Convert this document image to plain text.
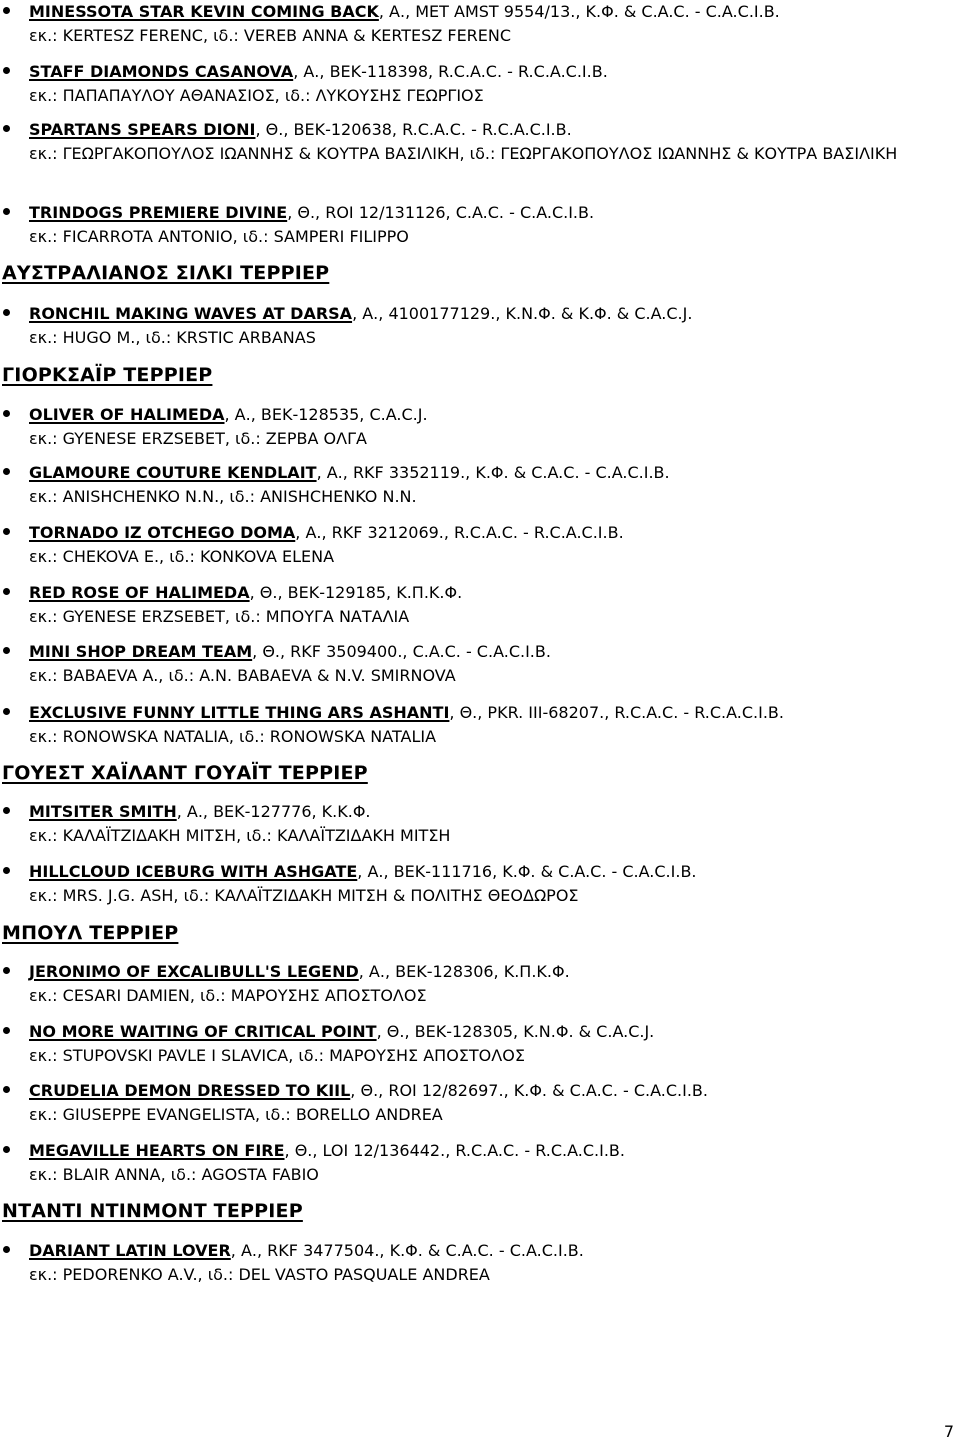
MINESSOTA STAR KEVIN COMING BACK, Α., MET AMST 9554/13., Κ.Φ. & C.A.C. - C.A.C.I.B.
εκ.: KERTESZ FERENC, ιδ.: VEREB ANNA & KERTESZ FERENC
STAFF DIAMONDS CASANOVA, Α., ΒΕΚ-118398, R.C.A.C. - R.C.A.C.I.B.
εκ.: ΠΑΠΑΠΑΥΛΟΥ ΑΘΑΝΑΣΙΟΣ, ιδ.: ΛΥΚΟΥΣΗΣ ΓΕΩΡΓΙΟΣ
SPARTANS SPEARS DIONI, Θ., ΒΕΚ-120638, R.C.A.C. - R.C.A.C.I.B.
εκ.: ΓΕΩΡΓΑΚΟΠΟΥΛΟΣ ΙΩΑΝΝΗΣ & ΚΟΥΤΡΑ ΒΑΣΙΛΙΚΗ, ιδ.: ΓΕΩΡΓΑΚΟΠΟΥΛΟΣ ΙΩΑΝΝΗΣ & ΚΟΥΤΡΑ ΒΑΣΙΛΙΚΗ
TRINDOGS PREMIERE DIVINE, Θ., ROI 12/131126, C.A.C. - C.A.C.I.B.
εκ.: FICARROTA ANTONIO, ιδ.: SAMPERI FILIPPO
ΑΥΣΤΡΑΛΙΑΝΟΣ ΣΙΛΚΙ ΤΕΡΡΙΕΡ
RONCHIL MAKING WAVES AT DARSA, Α., 4100177129., Κ.Ν.Φ. & Κ.Φ. & C.A.C.J.
εκ.: HUGO M., ιδ.: KRSTIC ARBANAS
ΓΙΟΡΚΣΑΪΡ ΤΕΡΡΙΕΡ
OLIVER OF HALIMEDA, Α., ΒΕΚ-128535, C.A.C.J.
εκ.: GYENESE ERZSEBET, ιδ.: ΖΕΡΒΑ ΟΛΓΑ
GLAMOURE COUTURE KENDLAIT, Α., RKF 3352119., Κ.Φ. & C.A.C. - C.A.C.I.B.
εκ.: ANISHCHENKO N.N., ιδ.: ANISHCHENKO N.N.
TORNADO IZ OTCHEGO DOMA, Α., RKF 3212069., R.C.A.C. - R.C.A.C.I.B.
εκ.: CHEKOVA E., ιδ.: KONKOVA ELENA
RED ROSE OF HALIMEDA, Θ., ΒΕΚ-129185, Κ.Π.Κ.Φ.
εκ.: GYENESE ERZSEBET, ιδ.: ΜΠΟΥΓΑ ΝΑΤΑΛΙΑ
MINI SHOP DREAM TEAM, Θ., RKF 3509400., C.A.C. - C.A.C.I.B.
εκ.: BABAEVA A., ιδ.: A.N. BABAEVA & N.V. SMIRNOVA
EXCLUSIVE FUNNY LITTLE THING ARS ASHANTI, Θ., PKR. III-68207., R.C.A.C. - R.C.A.C.I.B.
εκ.: RONOWSKA NATALIA, ιδ.: RONOWSKA NATALIA
ΓΟΥΕΣΤ ΧΑΪΛΑΝΤ ΓΟΥΑΪΤ ΤΕΡΡΙΕΡ
MITSITER SMITH, Α., ΒΕΚ-127776, Κ.Κ.Φ.
εκ.: ΚΑΛΑΪΤΖΙΔΑΚΗ ΜΙΤΣΗ, ιδ.: ΚΑΛΑΪΤΖΙΔΑΚΗ ΜΙΤΣΗ
HILLCLOUD ICEBURG WITH ASHGATE, Α., ΒΕΚ-111716, Κ.Φ. & C.A.C. - C.A.C.I.B.
εκ.: MRS. J.G. ASH, ιδ.: ΚΑΛΑΪΤΖΙΔΑΚΗ ΜΙΤΣΗ & ΠΟΛΙΤΗΣ ΘΕΟΔΩΡΟΣ
ΜΠΟΥΛ ΤΕΡΡΙΕΡ
JERONIMO OF EXCALIBULL'S LEGEND, Α., ΒΕΚ-128306, Κ.Π.Κ.Φ.
εκ.: CESARI DAMIEN, ιδ.: ΜΑΡΟΥΣΗΣ ΑΠΟΣΤΟΛΟΣ
NO MORE WAITING OF CRITICAL POINT, Θ., ΒΕΚ-128305, Κ.Ν.Φ. & C.A.C.J.
εκ.: STUPOVSKI PAVLE I SLAVICA, ιδ.: ΜΑΡΟΥΣΗΣ ΑΠΟΣΤΟΛΟΣ
CRUDELIA DEMON DRESSED TO KIIL, Θ., ROI 12/82697., Κ.Φ. & C.A.C. - C.A.C.I.B.
εκ.: GIUSEPPE EVANGELISTA, ιδ.: BORELLO ANDREA
MEGAVILLE HEARTS ON FIRE, Θ., LOI 12/136442., R.C.A.C. - R.C.A.C.I.B.
εκ.: BLAIR ANNA, ιδ.: AGOSTA FABIO
ΝΤΑΝΤΙ ΝΤΙΝΜΟΝΤ ΤΕΡΡΙΕΡ
DARIANT LATIN LOVER, Α., RKF 3477504., Κ.Φ. & C.A.C. - C.A.C.I.B.
εκ.: PEDORENKO A.V., ιδ.: DEL VASTO PASQUALE ANDREA
7
